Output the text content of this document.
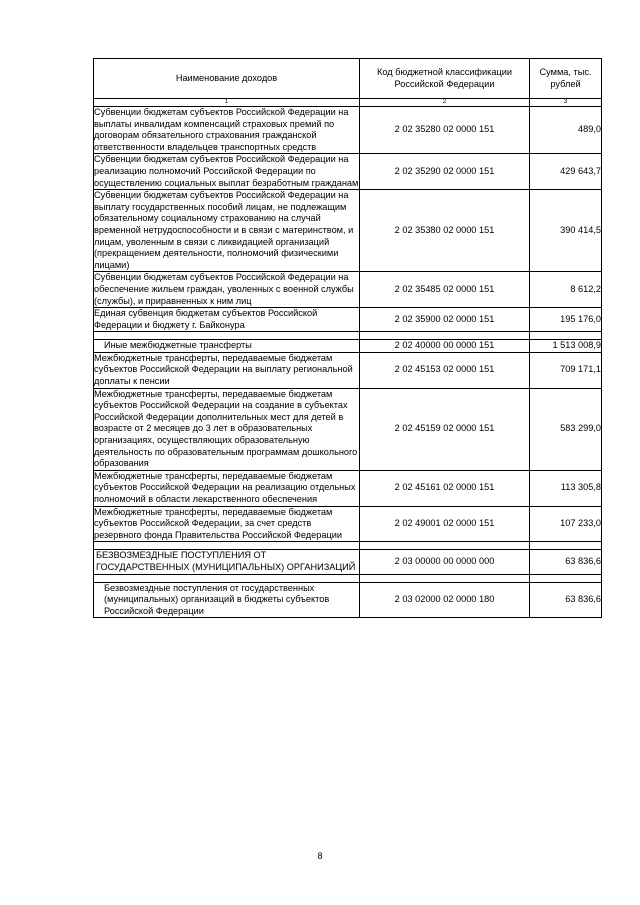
Наименование доходов	Код бюджетной классификации Российской Федерации	Сумма, тыс. рублей
1	2	3
Субвенции бюджетам субъектов Российской Федерации на выплаты инвалидам компенсаций страховых премий по договорам обязательного страхования гражданской ответственности владельцев транспортных средств	2 02 35280 02 0000 151	489,0
Субвенции бюджетам субъектов Российской Федерации на реализацию полномочий Российской Федерации по осуществлению социальных выплат безработным гражданам	2 02 35290 02 0000 151	429 643,7
Субвенции бюджетам субъектов Российской Федерации на выплату государственных пособий лицам, не подлежащим обязательному социальному страхованию на случай временной нетрудоспособности и в связи с материнством, и лицам, уволенным в связи с ликвидацией организаций (прекращением деятельности, полномочий физическими лицами)	2 02 35380 02 0000 151	390 414,5
Субвенции бюджетам субъектов Российской Федерации на обеспечение жильем граждан, уволенных с военной службы (службы), и приравненных к ним лиц	2 02 35485 02 0000 151	8 612,2
Единая субвенция бюджетам субъектов Российской Федерации и бюджету г. Байконура	2 02 35900 02 0000 151	195 176,0

Иные межбюджетные трансферты	2 02 40000 00 0000 151	1 513 008,9
Межбюджетные трансферты, передаваемые бюджетам субъектов Российской Федерации на выплату региональной доплаты к пенсии	2 02 45153 02 0000 151	709 171,1
Межбюджетные трансферты, передаваемые бюджетам субъектов Российской Федерации на создание в субъектах Российской Федерации дополнительных мест для детей в возрасте от 2 месяцев до 3 лет в образовательных организациях, осуществляющих образовательную деятельность по образовательным программам дошкольного образования	2 02 45159 02 0000 151	583 299,0
Межбюджетные трансферты, передаваемые бюджетам субъектов Российской Федерации на реализацию отдельных полномочий в области лекарственного обеспечения	2 02 45161 02 0000 151	113 305,8
Межбюджетные трансферты, передаваемые бюджетам субъектов Российской Федерации, за счет средств резервного фонда Правительства Российской Федерации	2 02 49001 02 0000 151	107 233,0

БЕЗВОЗМЕЗДНЫЕ ПОСТУПЛЕНИЯ ОТ ГОСУДАРСТВЕННЫХ (МУНИЦИПАЛЬНЫХ) ОРГАНИЗАЦИЙ	2 03 00000 00 0000 000	63 836,6

Безвозмездные поступления от государственных (муниципальных) организаций в бюджеты субъектов Российской Федерации	2 03 02000 02 0000 180	63 836,6
8
